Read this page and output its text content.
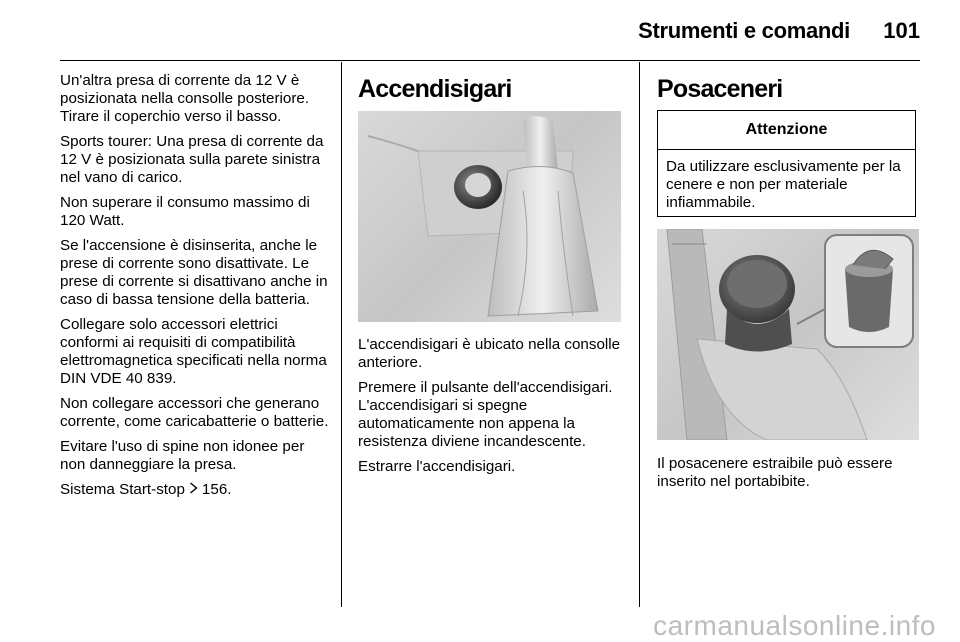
Strumenti e comandi	101

Un'altra presa di corrente da 12 V è posizionata nella consolle posteriore. Tirare il coperchio verso il basso.

Sports tourer: Una presa di corrente da 12 V è posizionata sulla parete sinistra nel vano di carico.

Non superare il consumo massimo di 120 Watt.

Se l'accensione è disinserita, anche le prese di corrente sono disattivate. Le prese di corrente si disattivano anche in caso di bassa tensione della batteria.

Collegare solo accessori elettrici conformi ai requisiti di compatibilità elettromagnetica specificati nella norma DIN VDE 40 839.

Non collegare accessori che generano corrente, come caricabatterie o batterie.

Evitare l'uso di spine non idonee per non danneggiare la presa.

Sistema Start-stop 156.

Accendisigari

L'accendisigari è ubicato nella consolle anteriore.

Premere il pulsante dell'accendisigari. L'accendisigari si spegne automaticamente non appena la resistenza diviene incandescente.

Estrarre l'accendisigari.

Posaceneri
Attenzione
Da utilizzare esclusivamente per la cenere e non per materiale infiammabile.

Il posacenere estraibile può essere inserito nel portabibite.

carmanualsonline.info
